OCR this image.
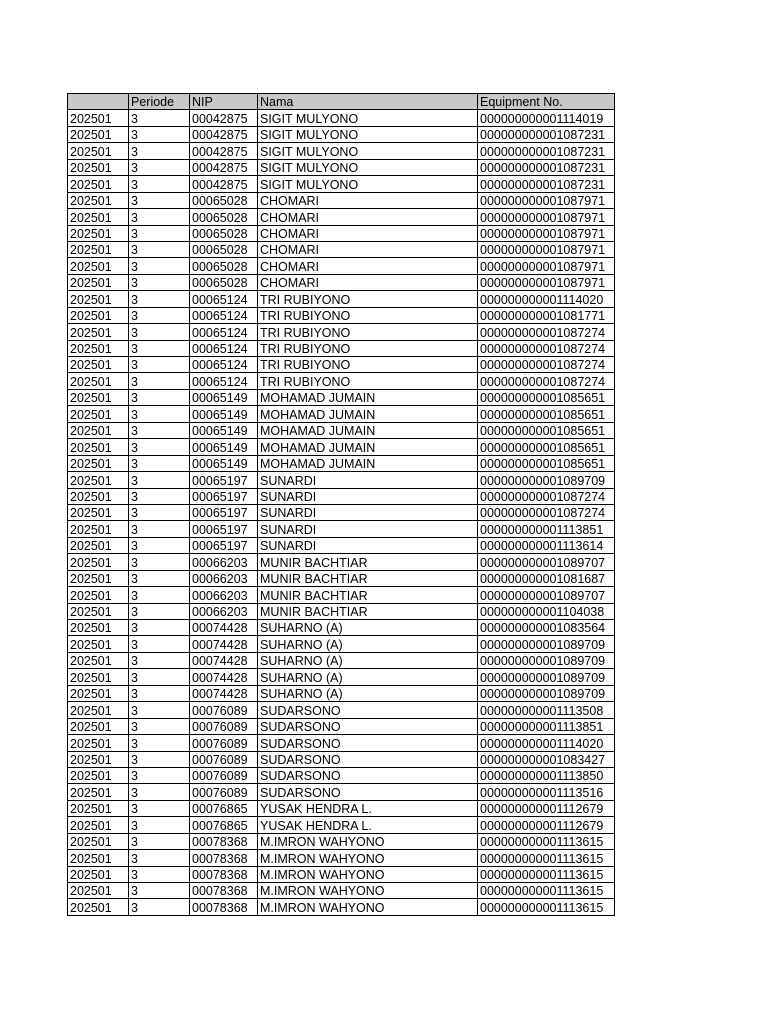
	Periode	NIP	Nama	Equipment No.
202501	3	00042875	SIGIT MULYONO	000000000001114019
202501	3	00042875	SIGIT MULYONO	000000000001087231
202501	3	00042875	SIGIT MULYONO	000000000001087231
202501	3	00042875	SIGIT MULYONO	000000000001087231
202501	3	00042875	SIGIT MULYONO	000000000001087231
202501	3	00065028	CHOMARI	000000000001087971
202501	3	00065028	CHOMARI	000000000001087971
202501	3	00065028	CHOMARI	000000000001087971
202501	3	00065028	CHOMARI	000000000001087971
202501	3	00065028	CHOMARI	000000000001087971
202501	3	00065028	CHOMARI	000000000001087971
202501	3	00065124	TRI RUBIYONO	000000000001114020
202501	3	00065124	TRI RUBIYONO	000000000001081771
202501	3	00065124	TRI RUBIYONO	000000000001087274
202501	3	00065124	TRI RUBIYONO	000000000001087274
202501	3	00065124	TRI RUBIYONO	000000000001087274
202501	3	00065124	TRI RUBIYONO	000000000001087274
202501	3	00065149	MOHAMAD JUMAIN	000000000001085651
202501	3	00065149	MOHAMAD JUMAIN	000000000001085651
202501	3	00065149	MOHAMAD JUMAIN	000000000001085651
202501	3	00065149	MOHAMAD JUMAIN	000000000001085651
202501	3	00065149	MOHAMAD JUMAIN	000000000001085651
202501	3	00065197	SUNARDI	000000000001089709
202501	3	00065197	SUNARDI	000000000001087274
202501	3	00065197	SUNARDI	000000000001087274
202501	3	00065197	SUNARDI	000000000001113851
202501	3	00065197	SUNARDI	000000000001113614
202501	3	00066203	MUNIR BACHTIAR	000000000001089707
202501	3	00066203	MUNIR BACHTIAR	000000000001081687
202501	3	00066203	MUNIR BACHTIAR	000000000001089707
202501	3	00066203	MUNIR BACHTIAR	000000000001104038
202501	3	00074428	SUHARNO (A)	000000000001083564
202501	3	00074428	SUHARNO (A)	000000000001089709
202501	3	00074428	SUHARNO (A)	000000000001089709
202501	3	00074428	SUHARNO (A)	000000000001089709
202501	3	00074428	SUHARNO (A)	000000000001089709
202501	3	00076089	SUDARSONO	000000000001113508
202501	3	00076089	SUDARSONO	000000000001113851
202501	3	00076089	SUDARSONO	000000000001114020
202501	3	00076089	SUDARSONO	000000000001083427
202501	3	00076089	SUDARSONO	000000000001113850
202501	3	00076089	SUDARSONO	000000000001113516
202501	3	00076865	YUSAK HENDRA L.	000000000001112679
202501	3	00076865	YUSAK HENDRA L.	000000000001112679
202501	3	00078368	M.IMRON WAHYONO	000000000001113615
202501	3	00078368	M.IMRON WAHYONO	000000000001113615
202501	3	00078368	M.IMRON WAHYONO	000000000001113615
202501	3	00078368	M.IMRON WAHYONO	000000000001113615
202501	3	00078368	M.IMRON WAHYONO	000000000001113615
